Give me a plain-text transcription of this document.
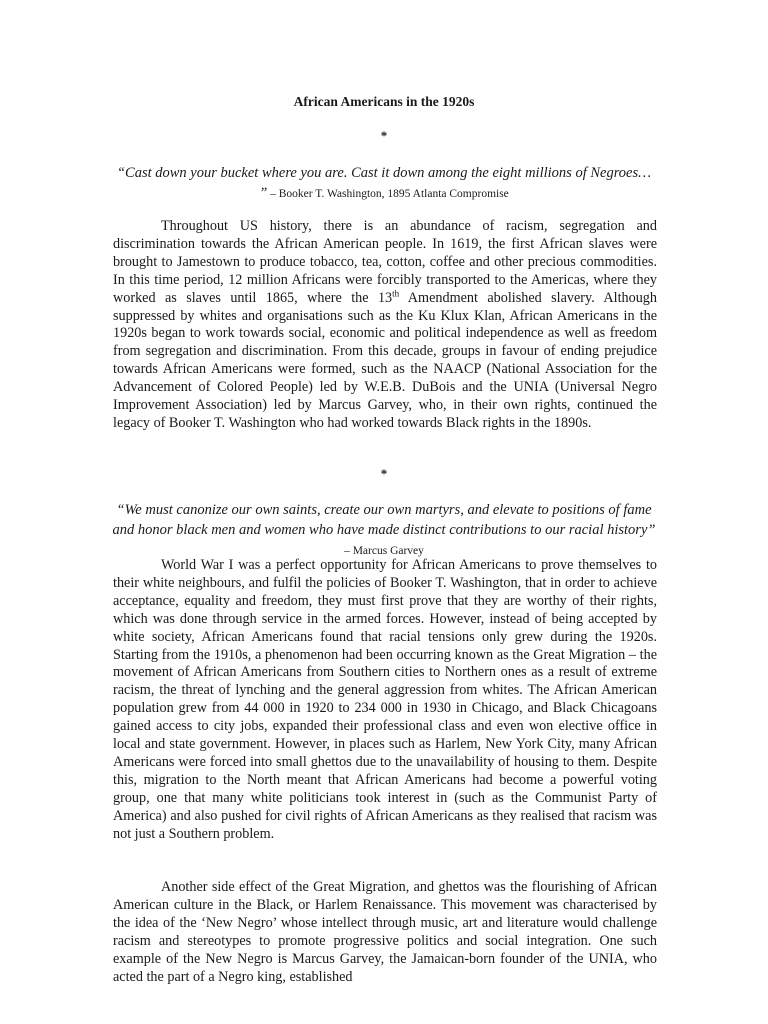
African Americans in the 1920s
*
“Cast down your bucket where you are. Cast it down among the eight millions of Negroes… ” – Booker T. Washington, 1895 Atlanta Compromise

Throughout US history, there is an abundance of racism, segregation and discrimination towards the African American people. In 1619, the first African slaves were brought to Jamestown to produce tobacco, tea, cotton, coffee and other precious commodities. In this time period, 12 million Africans were forcibly transported to the Americas, where they worked as slaves until 1865, where the 13th Amendment abolished slavery. Although suppressed by whites and organisations such as the Ku Klux Klan, African Americans in the 1920s began to work towards social, economic and political independence as well as freedom from segregation and discrimination. From this decade, groups in favour of ending prejudice towards African Americans were formed, such as the NAACP (National Association for the Advancement of Colored People) led by W.E.B. DuBois and the UNIA (Universal Negro Improvement Association) led by Marcus Garvey, who, in their own rights, continued the legacy of Booker T. Washington who had worked towards Black rights in the 1890s.

*
“We must canonize our own saints, create our own martyrs, and elevate to positions of fame and honor black men and women who have made distinct contributions to our racial history” – Marcus Garvey

World War I was a perfect opportunity for African Americans to prove themselves to their white neighbours, and fulfil the policies of Booker T. Washington, that in order to achieve acceptance, equality and freedom, they must first prove that they are worthy of their rights, which was done through service in the armed forces. However, instead of being accepted by white society, African Americans found that racial tensions only grew during the 1920s. Starting from the 1910s, a phenomenon had been occurring known as the Great Migration – the movement of African Americans from Southern cities to Northern ones as a result of extreme racism, the threat of lynching and the general aggression from whites. The African American population grew from 44 000 in 1920 to 234 000 in 1930 in Chicago, and Black Chicagoans gained access to city jobs, expanded their professional class and even won elective office in local and state government. However, in places such as Harlem, New York City, many African Americans were forced into small ghettos due to the unavailability of housing to them. Despite this, migration to the North meant that African Americans had become a powerful voting group, one that many white politicians took interest in (such as the Communist Party of America) and also pushed for civil rights of African Americans as they realised that racism was not just a Southern problem.

Another side effect of the Great Migration, and ghettos was the flourishing of African American culture in the Black, or Harlem Renaissance. This movement was characterised by the idea of the ‘New Negro’ whose intellect through music, art and literature would challenge racism and stereotypes to promote progressive politics and social integration. One such example of the New Negro is Marcus Garvey, the Jamaican-born founder of the UNIA, who acted the part of a Negro king, established
